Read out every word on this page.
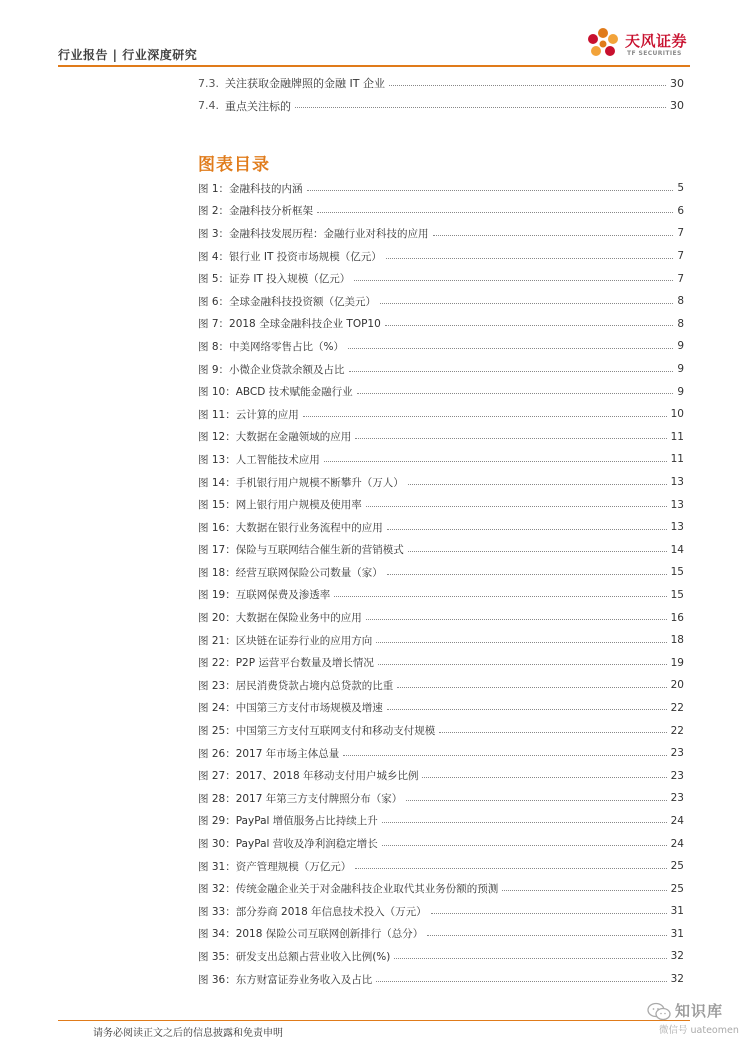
行业报告 | 行业深度研究
天风证券
TF SECURITIES
7.3. 关注获取金融牌照的金融 IT 企业	30
7.4. 重点关注标的	30
图表目录
图 1：金融科技的内涵	5
图 2：金融科技分析框架	6
图 3：金融科技发展历程：金融行业对科技的应用	7
图 4：银行业 IT 投资市场规模（亿元）	7
图 5：证券 IT 投入规模（亿元）	7
图 6：全球金融科技投资额（亿美元）	8
图 7：2018 全球金融科技企业 TOP10	8
图 8：中美网络零售占比（%）	9
图 9：小微企业贷款余额及占比	9
图 10：ABCD 技术赋能金融行业	9
图 11：云计算的应用	10
图 12：大数据在金融领域的应用	11
图 13：人工智能技术应用	11
图 14：手机银行用户规模不断攀升（万人）	13
图 15：网上银行用户规模及使用率	13
图 16：大数据在银行业务流程中的应用	13
图 17：保险与互联网结合催生新的营销模式	14
图 18：经营互联网保险公司数量（家）	15
图 19：互联网保费及渗透率	15
图 20：大数据在保险业务中的应用	16
图 21：区块链在证券行业的应用方向	18
图 22：P2P 运营平台数量及增长情况	19
图 23：居民消费贷款占境内总贷款的比重	20
图 24：中国第三方支付市场规模及增速	22
图 25：中国第三方支付互联网支付和移动支付规模	22
图 26：2017 年市场主体总量	23
图 27：2017、2018 年移动支付用户城乡比例	23
图 28：2017 年第三方支付牌照分布（家）	23
图 29：PayPal 增值服务占比持续上升	24
图 30：PayPal 营收及净利润稳定增长	24
图 31：资产管理规模（万亿元）	25
图 32：传统金融企业关于对金融科技企业取代其业务份额的预测	25
图 33：部分券商 2018 年信息技术投入（万元）	31
图 34：2018 保险公司互联网创新排行（总分）	31
图 35：研发支出总额占营业收入比例(%)	32
图 36：东方财富证券业务收入及占比	32
请务必阅读正文之后的信息披露和免责申明
知识库
微信号 uateomen
